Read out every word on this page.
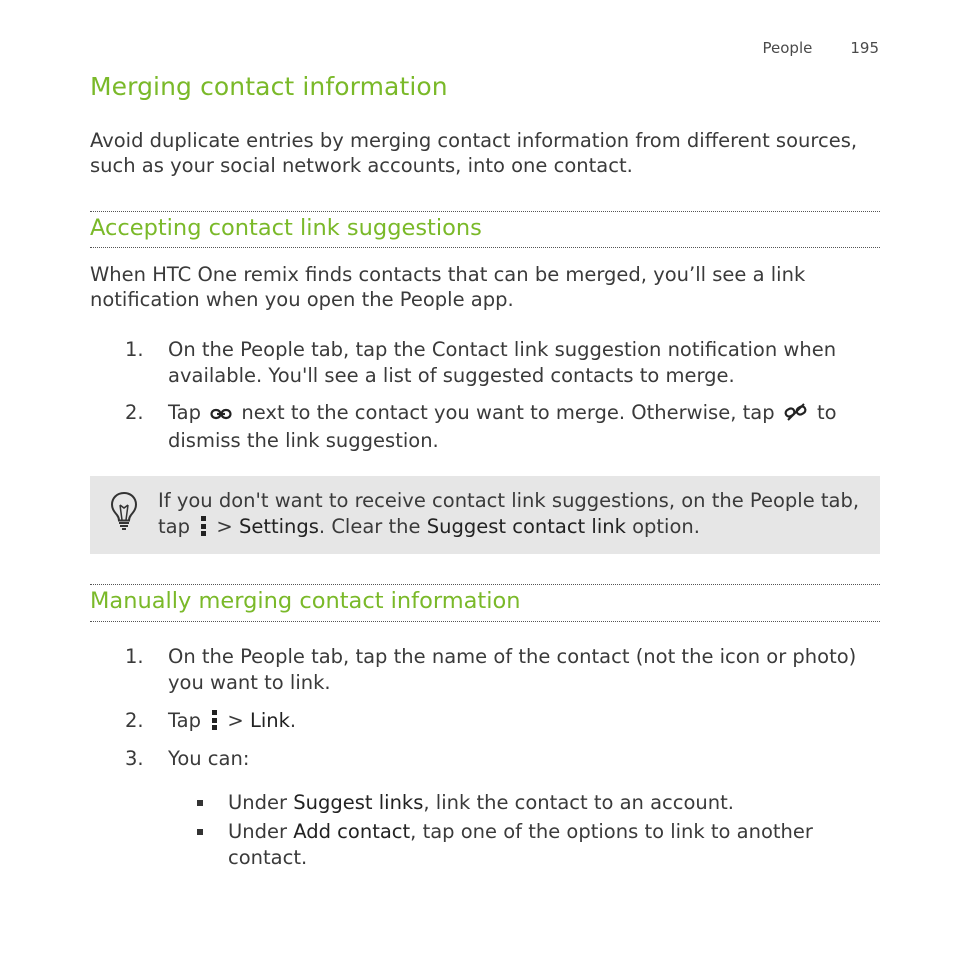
People	195
Merging contact information

Avoid duplicate entries by merging contact information from different sources, such as your social network accounts, into one contact.

Accepting contact link suggestions

When HTC One remix finds contacts that can be merged, you’ll see a link notification when you open the People app.

1. On the People tab, tap the Contact link suggestion notification when available. You'll see a list of suggested contacts to merge.
2. Tap next to the contact you want to merge. Otherwise, tap to dismiss the link suggestion.
If you don't want to receive contact link suggestions, on the People tab, tap > Settings. Clear the Suggest contact link option.
Manually merging contact information
1. On the People tab, tap the name of the contact (not the icon or photo) you want to link.
2. Tap > Link.
3. You can:
Under Suggest links, link the contact to an account.
Under Add contact, tap one of the options to link to another contact.
